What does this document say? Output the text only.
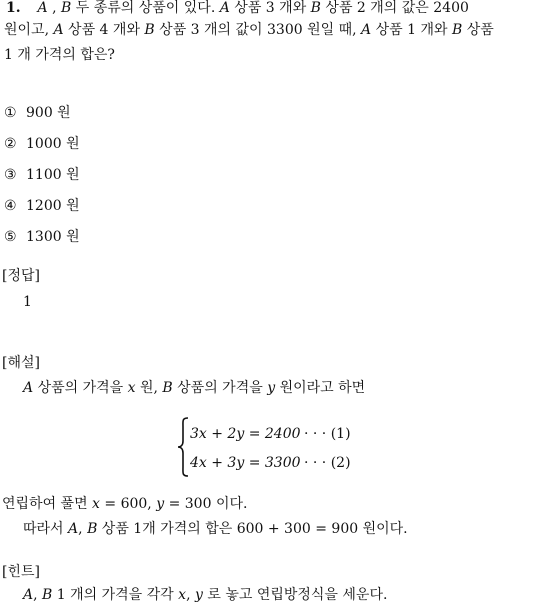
1. A , B 두 종류의 상품이 있다. A 상품 3 개와 B 상품 2 개의 값은 2400
원이고, A 상품 4 개와 B 상품 3 개의 값이 3300 원일 때, A 상품 1 개와 B 상품
1 개 가격의 합은?
① 900 원
② 1000 원
③ 1100 원
④ 1200 원
⑤ 1300 원
[정답]
1
[해설]
A 상품의 가격을 x 원, B 상품의 가격을 y 원이라고 하면
3x + 2y = 2400 · · · (1)
4x + 3y = 3300 · · · (2)
연립하여 풀면 x = 600, y = 300 이다.
따라서 A, B 상품 1개 가격의 합은 600 + 300 = 900 원이다.
[힌트]
A, B 1 개의 가격을 각각 x, y 로 놓고 연립방정식을 세운다.
